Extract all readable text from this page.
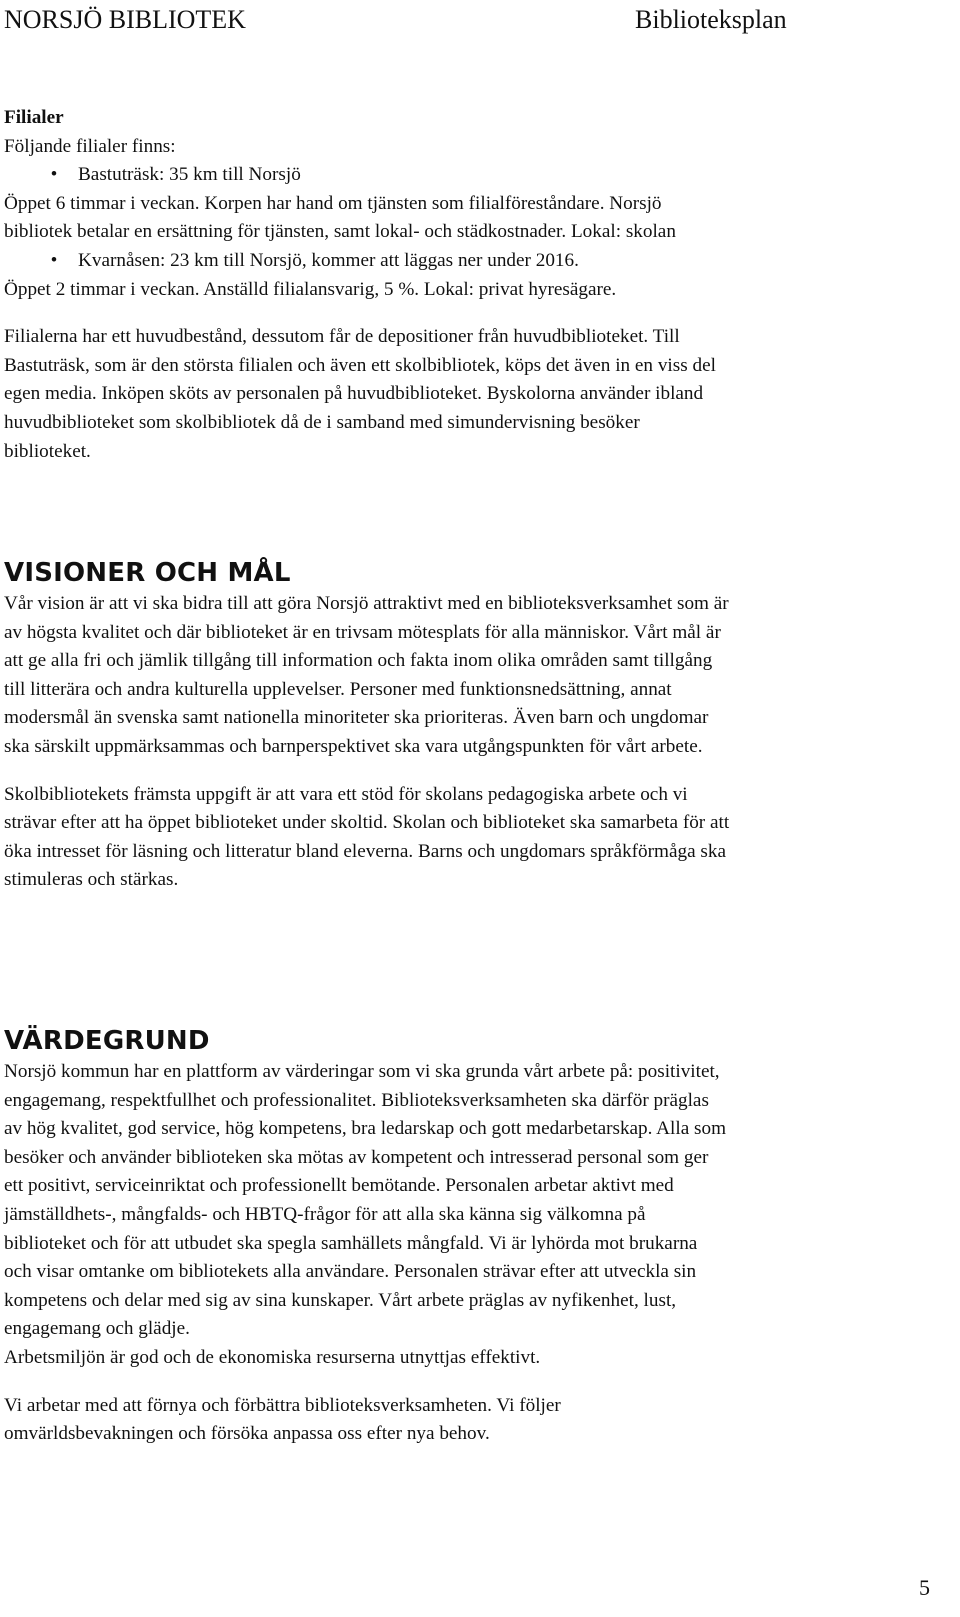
NORSJÖ BIBLIOTEK	Biblioteksplan

Filialer

Följande filialer finns:

•	Bastuträsk: 35 km till Norsjö

Öppet 6 timmar i veckan. Korpen har hand om tjänsten som filialföreståndare. Norsjö

bibliotek betalar en ersättning för tjänsten, samt lokal- och städkostnader. Lokal: skolan

•	Kvarnåsen: 23 km till Norsjö, kommer att läggas ner under 2016.

Öppet 2 timmar i veckan. Anställd filialansvarig, 5 %. Lokal: privat hyresägare.

Filialerna har ett huvudbestånd, dessutom får de depositioner från huvudbiblioteket. Till

Bastuträsk, som är den största filialen och även ett skolbibliotek, köps det även in en viss del

egen media. Inköpen sköts av personalen på huvudbiblioteket. Byskolorna använder ibland

huvudbiblioteket som skolbibliotek då de i samband med simundervisning besöker

biblioteket.

VISIONER OCH MÅL

Vår vision är att vi ska bidra till att göra Norsjö attraktivt med en biblioteksverksamhet som är

av högsta kvalitet och där biblioteket är en trivsam mötesplats för alla människor. Vårt mål är

att ge alla fri och jämlik tillgång till information och fakta inom olika områden samt tillgång

till litterära och andra kulturella upplevelser. Personer med funktionsnedsättning, annat

modersmål än svenska samt nationella minoriteter ska prioriteras. Även barn och ungdomar

ska särskilt uppmärksammas och barnperspektivet ska vara utgångspunkten för vårt arbete.

Skolbibliotekets främsta uppgift är att vara ett stöd för skolans pedagogiska arbete och vi

strävar efter att ha öppet biblioteket under skoltid. Skolan och biblioteket ska samarbeta för att

öka intresset för läsning och litteratur bland eleverna. Barns och ungdomars språkförmåga ska

stimuleras och stärkas.

VÄRDEGRUND

Norsjö kommun har en plattform av värderingar som vi ska grunda vårt arbete på: positivitet,

engagemang, respektfullhet och professionalitet. Biblioteksverksamheten ska därför präglas

av hög kvalitet, god service, hög kompetens, bra ledarskap och gott medarbetarskap. Alla som

besöker och använder biblioteken ska mötas av kompetent och intresserad personal som ger

ett positivt, serviceinriktat och professionellt bemötande. Personalen arbetar aktivt med

jämställdhets-, mångfalds- och HBTQ-frågor för att alla ska känna sig välkomna på

biblioteket och för att utbudet ska spegla samhällets mångfald. Vi är lyhörda mot brukarna

och visar omtanke om bibliotekets alla användare. Personalen strävar efter att utveckla sin

kompetens och delar med sig av sina kunskaper. Vårt arbete präglas av nyfikenhet, lust,

engagemang och glädje.

Arbetsmiljön är god och de ekonomiska resurserna utnyttjas effektivt.

Vi arbetar med att förnya och förbättra biblioteksverksamheten. Vi följer

omvärldsbevakningen och försöka anpassa oss efter nya behov.

5
